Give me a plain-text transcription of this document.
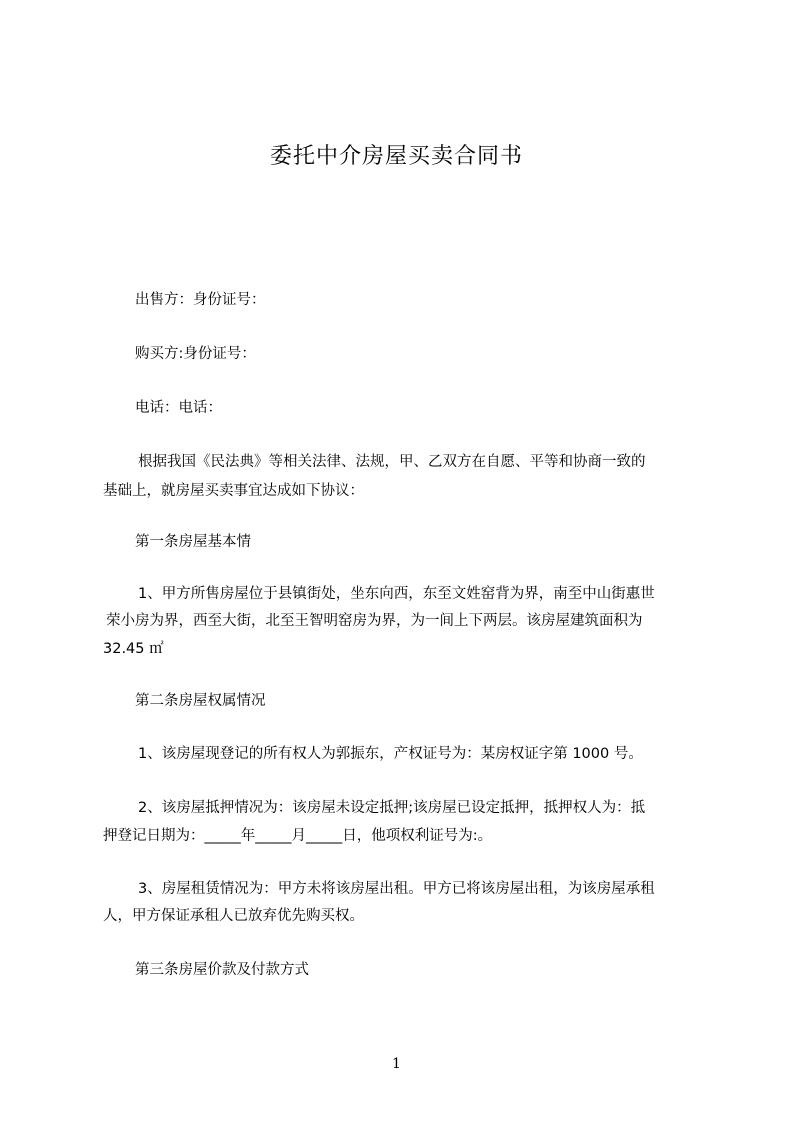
委托中介房屋买卖合同书
出售方：身份证号：
购买方:身份证号：
电话：电话：
根据我国《民法典》等相关法律、法规，甲、乙双方在自愿、平等和协商一致的
基础上，就房屋买卖事宜达成如下协议：
第一条房屋基本情
1、甲方所售房屋位于县镇街处，坐东向西，东至文姓窑背为界，南至中山街惠世
荣小房为界，西至大街，北至王智明窑房为界，为一间上下两层。该房屋建筑面积为
32.45 ㎡
第二条房屋权属情况
1、该房屋现登记的所有权人为郭振东，产权证号为：某房权证字第 1000 号。
2、该房屋抵押情况为：该房屋未设定抵押;该房屋已设定抵押，抵押权人为：抵
押登记日期为：_____年_____月_____日，他项权利证号为:。
3、房屋租赁情况为：甲方未将该房屋出租。甲方已将该房屋出租，为该房屋承租
人，甲方保证承租人已放弃优先购买权。
第三条房屋价款及付款方式
1
